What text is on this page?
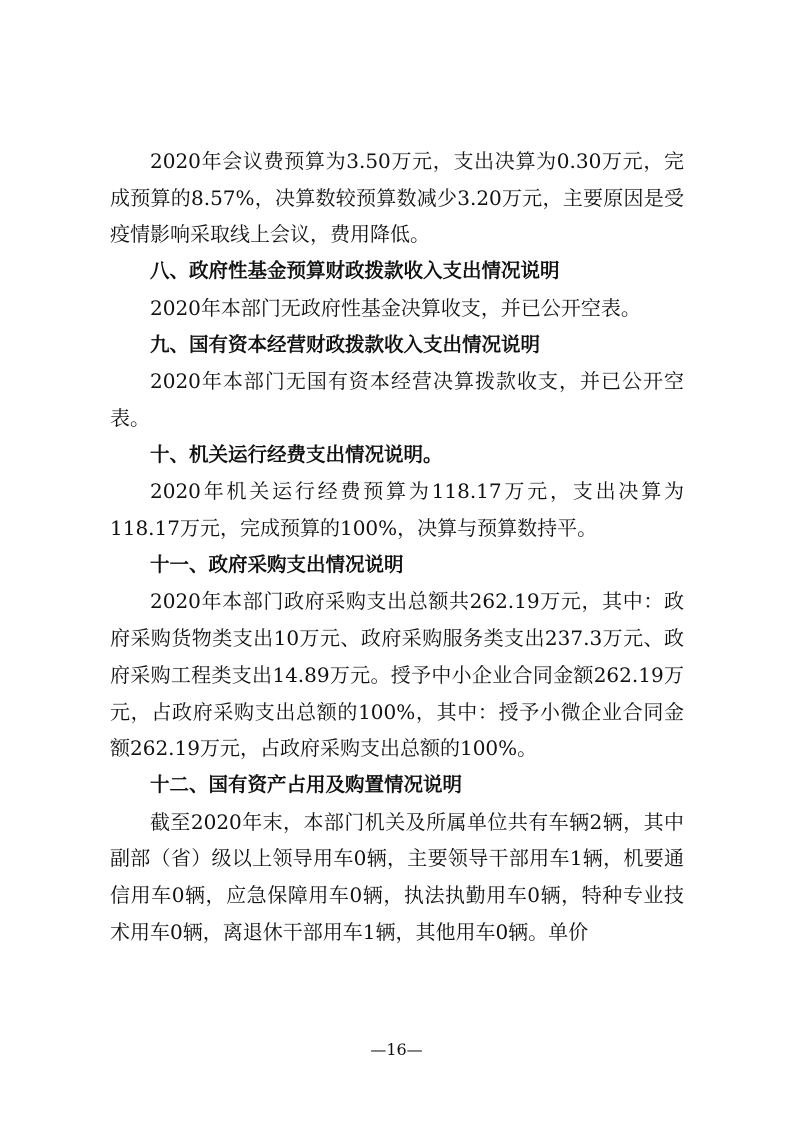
2020年会议费预算为3.50万元，支出决算为0.30万元，完成预算的8.57%，决算数较预算数减少3.20万元，主要原因是受疫情影响采取线上会议，费用降低。

八、政府性基金预算财政拨款收入支出情况说明

2020年本部门无政府性基金决算收支，并已公开空表。

九、国有资本经营财政拨款收入支出情况说明

2020年本部门无国有资本经营决算拨款收支，并已公开空表。

十、机关运行经费支出情况说明。

2020年机关运行经费预算为118.17万元，支出决算为118.17万元，完成预算的100%，决算与预算数持平。

十一、政府采购支出情况说明

2020年本部门政府采购支出总额共262.19万元，其中：政府采购货物类支出10万元、政府采购服务类支出237.3万元、政府采购工程类支出14.89万元。授予中小企业合同金额262.19万元，占政府采购支出总额的100%，其中：授予小微企业合同金额262.19万元，占政府采购支出总额的100%。

十二、国有资产占用及购置情况说明

截至2020年末，本部门机关及所属单位共有车辆2辆，其中副部（省）级以上领导用车0辆，主要领导干部用车1辆，机要通信用车0辆，应急保障用车0辆，执法执勤用车0辆，特种专业技术用车0辆，离退休干部用车1辆，其他用车0辆。单价

—16—
